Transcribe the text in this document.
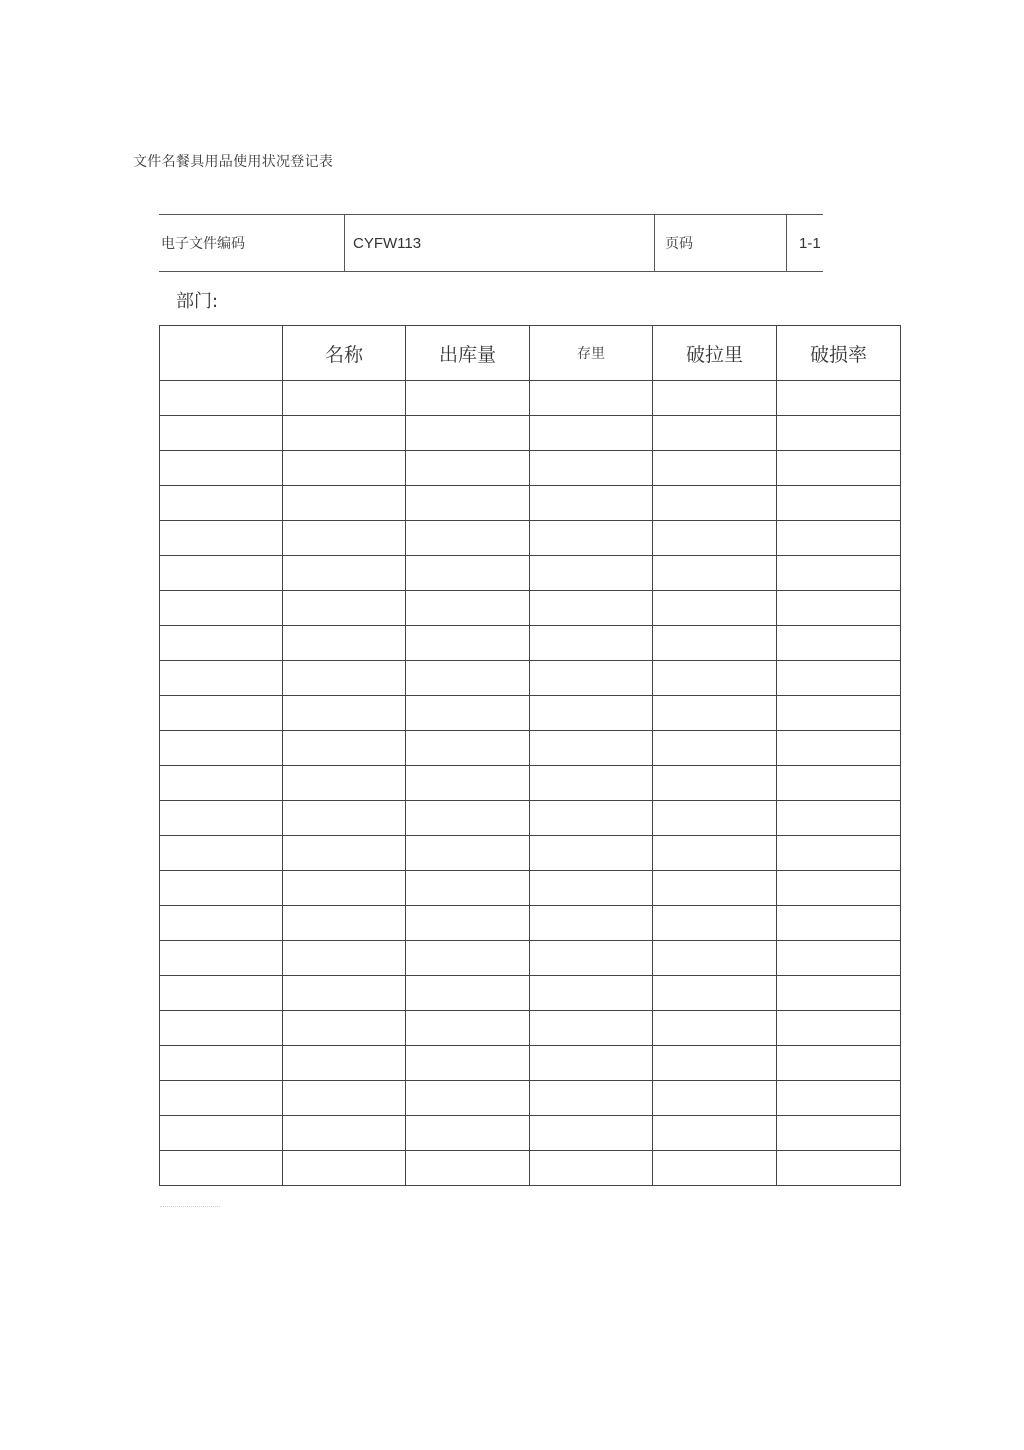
文件名餐具用品使用状况登记表
电子文件编码	CYFW113	页码	1-1
部门:
	名称	出库量	存里	破拉里	破损率
